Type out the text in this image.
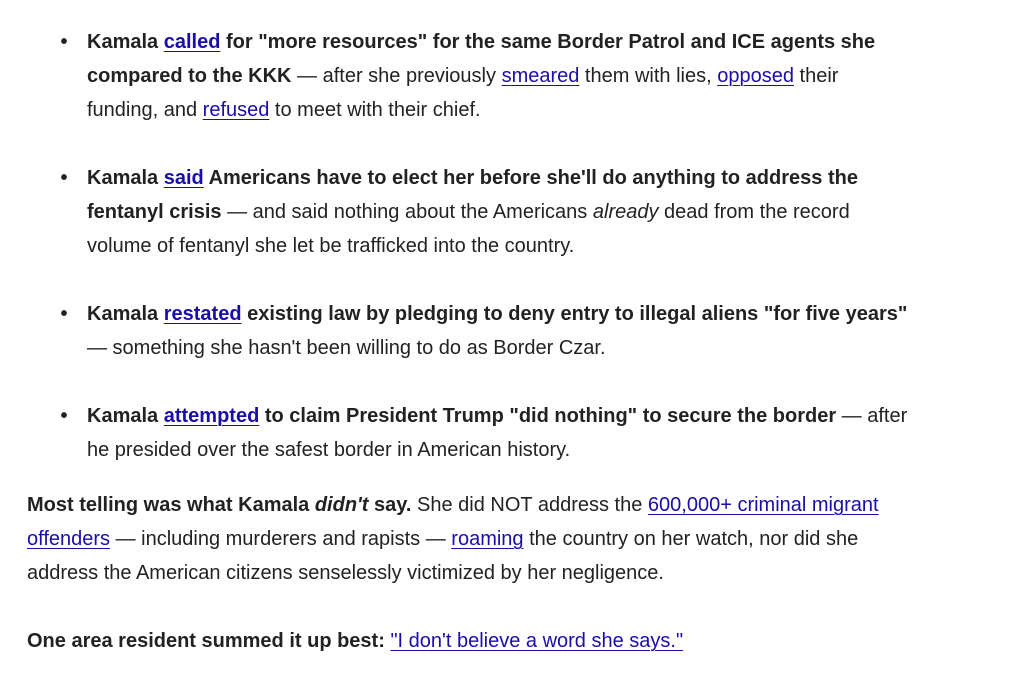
• Kamala called for "more resources" for the same Border Patrol and ICE agents she compared to the KKK — after she previously smeared them with lies, opposed their funding, and refused to meet with their chief.
• Kamala said Americans have to elect her before she'll do anything to address the fentanyl crisis — and said nothing about the Americans already dead from the record volume of fentanyl she let be trafficked into the country.
• Kamala restated existing law by pledging to deny entry to illegal aliens "for five years" — something she hasn't been willing to do as Border Czar.
• Kamala attempted to claim President Trump "did nothing" to secure the border — after he presided over the safest border in American history.

Most telling was what Kamala didn't say. She did NOT address the 600,000+ criminal migrant offenders — including murderers and rapists — roaming the country on her watch, nor did she address the American citizens senselessly victimized by her negligence.

One area resident summed it up best: "I don't believe a word she says."
